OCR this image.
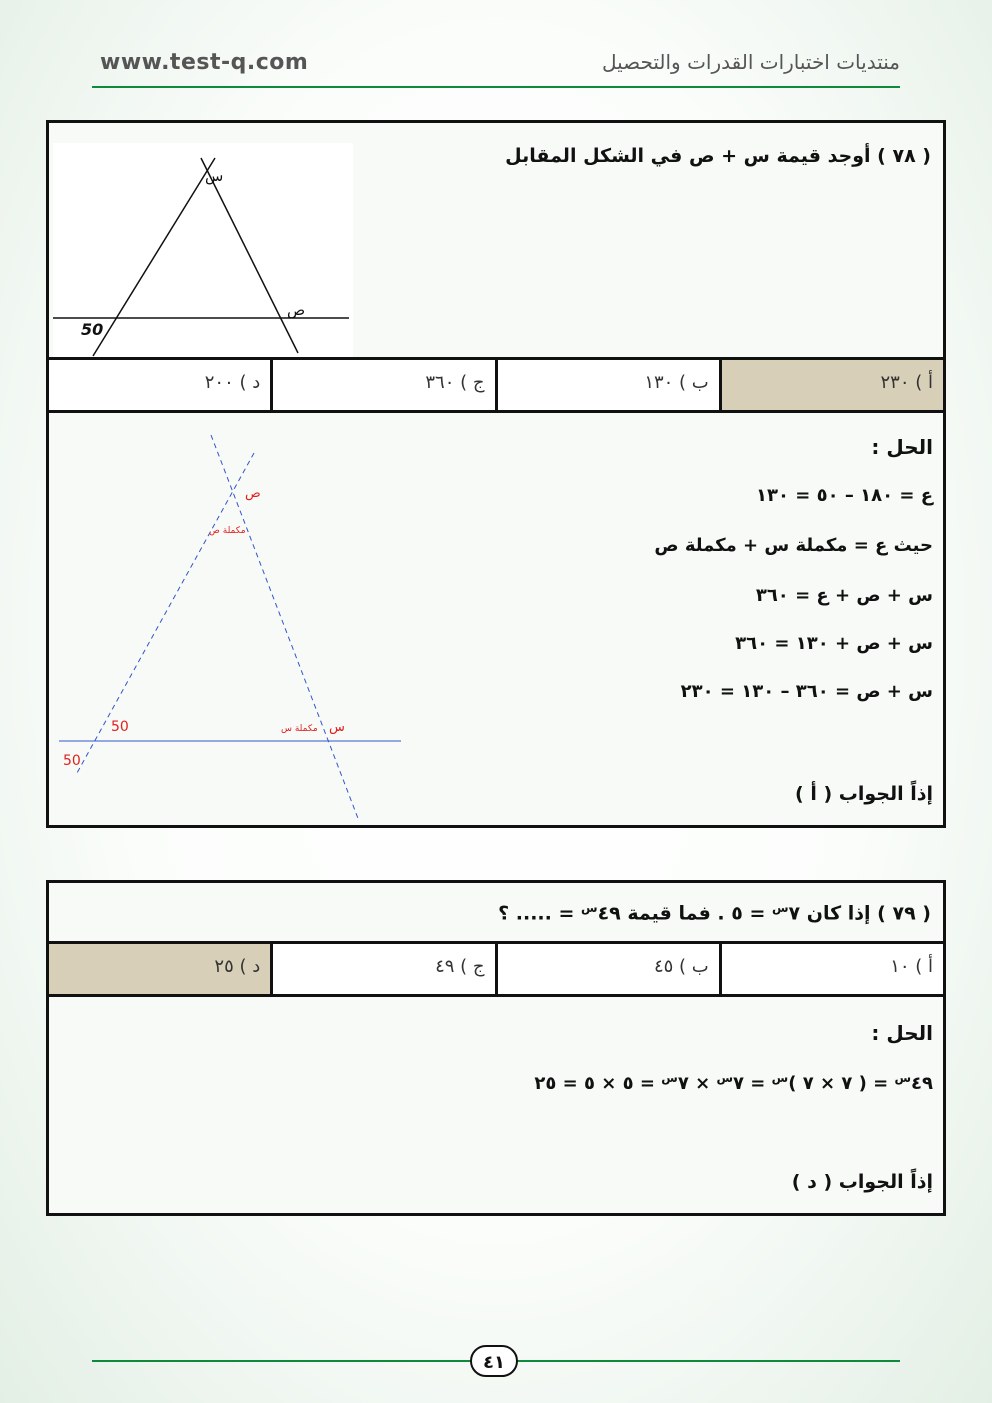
www.test-q.com	منتديات اختبارات القدرات والتحصيل
( ٧٨ ) أوجد قيمة س + ص في الشكل المقابل
س
ص
50
أ ) ٢٣٠
ب ) ١٣٠
ج ) ٣٦٠
د ) ٢٠٠
الحل :
ع = ١٨٠ – ٥٠ = ١٣٠
حيث ع = مكملة س + مكملة ص
س + ص + ع = ٣٦٠
س + ص + ١٣٠ = ٣٦٠
س + ص = ٣٦٠ – ١٣٠ = ٢٣٠
إذاً الجواب ( أ )
ص
مكملة ص
س
مكملة س
50
50
( ٧٩ ) إذا كان $٧^س$ = ٥ . فما قيمة $٤٩^س$ = ..... ؟
أ ) ١٠
ب ) ٤٥
ج ) ٤٩
د ) ٢٥
الحل :
$٤٩^س$ = ( ٧ × ٧ )$^س = ٧^س$ × $٧^س$ = ٥ × ٥ = ٢٥
إذاً الجواب ( د )
٤١
